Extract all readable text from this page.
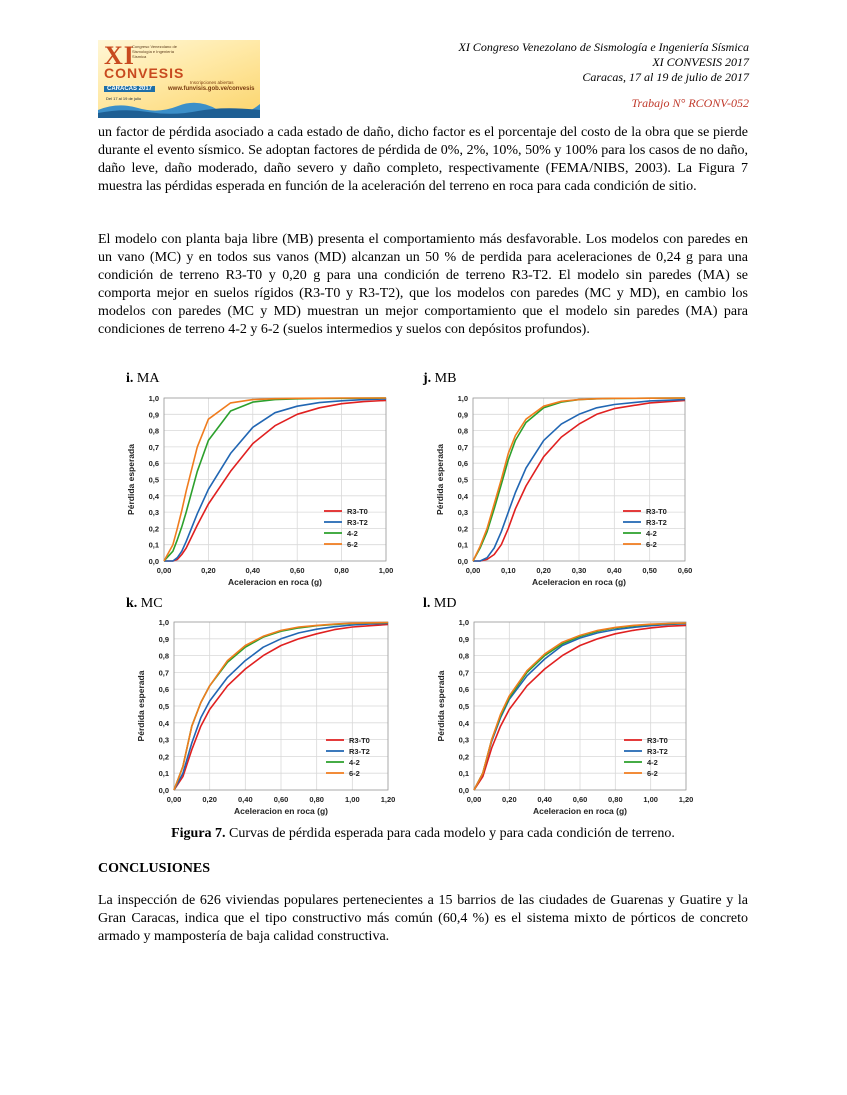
XI
Congreso Venezolano de Sismología e Ingeniería Sísmica
CONVESIS
CARACAS 2017
Inscripciones abiertas
www.funvisis.gob.ve/convesis
Del 17 al 19 de julio
XI Congreso Venezolano de Sismología e Ingeniería Sísmica
XI CONVESIS 2017
Caracas, 17 al 19 de julio de 2017
Trabajo N° RCONV-052

un factor de pérdida asociado a cada estado de daño, dicho factor es el porcentaje del costo de la obra que se pierde durante el evento sísmico. Se adoptan factores de pérdida de 0%, 2%, 10%, 50% y 100% para los casos de no daño, daño leve, daño moderado, daño severo y daño completo, respectivamente (FEMA/NIBS, 2003). La Figura 7 muestra las pérdidas esperada en función de la aceleración del terreno en roca para cada condición de sitio.

El modelo con planta baja libre (MB) presenta el comportamiento más desfavorable. Los modelos con paredes en un vano (MC) y en todos sus vanos (MD) alcanzan un 50 % de perdida para aceleraciones de 0,24 g para una condición de terreno R3-T0 y 0,20 g para una condición de terreno R3-T2. El modelo sin paredes (MA) se comporta mejor en suelos rígidos (R3-T0 y R3-T2), que los modelos con paredes (MC y MD), en cambio los modelos con paredes (MC y MD) muestran un mejor comportamiento que el modelo sin paredes (MA) para condiciones de terreno 4-2 y 6-2 (suelos intermedios y suelos con depósitos profundos).

i. MA	j. MB
k. MC	l. MD
0,0
0,1
0,2
0,3
0,4
0,5
0,6
0,7
0,8
0,9
1,0
0,00	0,20	0,40	0,60	0,80	1,00
Aceleracion en roca (g)
Pérdida esperada	R3-T0
R3-T2
4-2
6-2
0,0
0,1
0,2
0,3
0,4
0,5
0,6
0,7
0,8
0,9
1,0
0,00	0,10	0,20	0,30	0,40	0,50	0,60
Aceleracion en roca (g)
Pérdida esperada	R3-T0
R3-T2
4-2
6-2
0,0
0,1
0,2
0,3
0,4
0,5
0,6
0,7
0,8
0,9
1,0
0,00	0,20	0,40	0,60	0,80	1,00	1,20
Aceleracion en roca (g)
Pérdida esperada	R3-T0
R3-T2
4-2
6-2
0,0
0,1
0,2
0,3
0,4
0,5
0,6
0,7
0,8
0,9
1,0
0,00	0,20	0,40	0,60	0,80	1,00	1,20
Aceleracion en roca (g)
Pérdida esperada	R3-T0
R3-T2
4-2
6-2
Figura 7. Curvas de pérdida esperada para cada modelo y para cada condición de terreno.
CONCLUSIONES

La inspección de 626 viviendas populares pertenecientes a 15 barrios de las ciudades de Guarenas y Guatire y la Gran Caracas, indica que el tipo constructivo más común (60,4 %) es el sistema mixto de pórticos de concreto armado y mampostería de baja calidad constructiva.
